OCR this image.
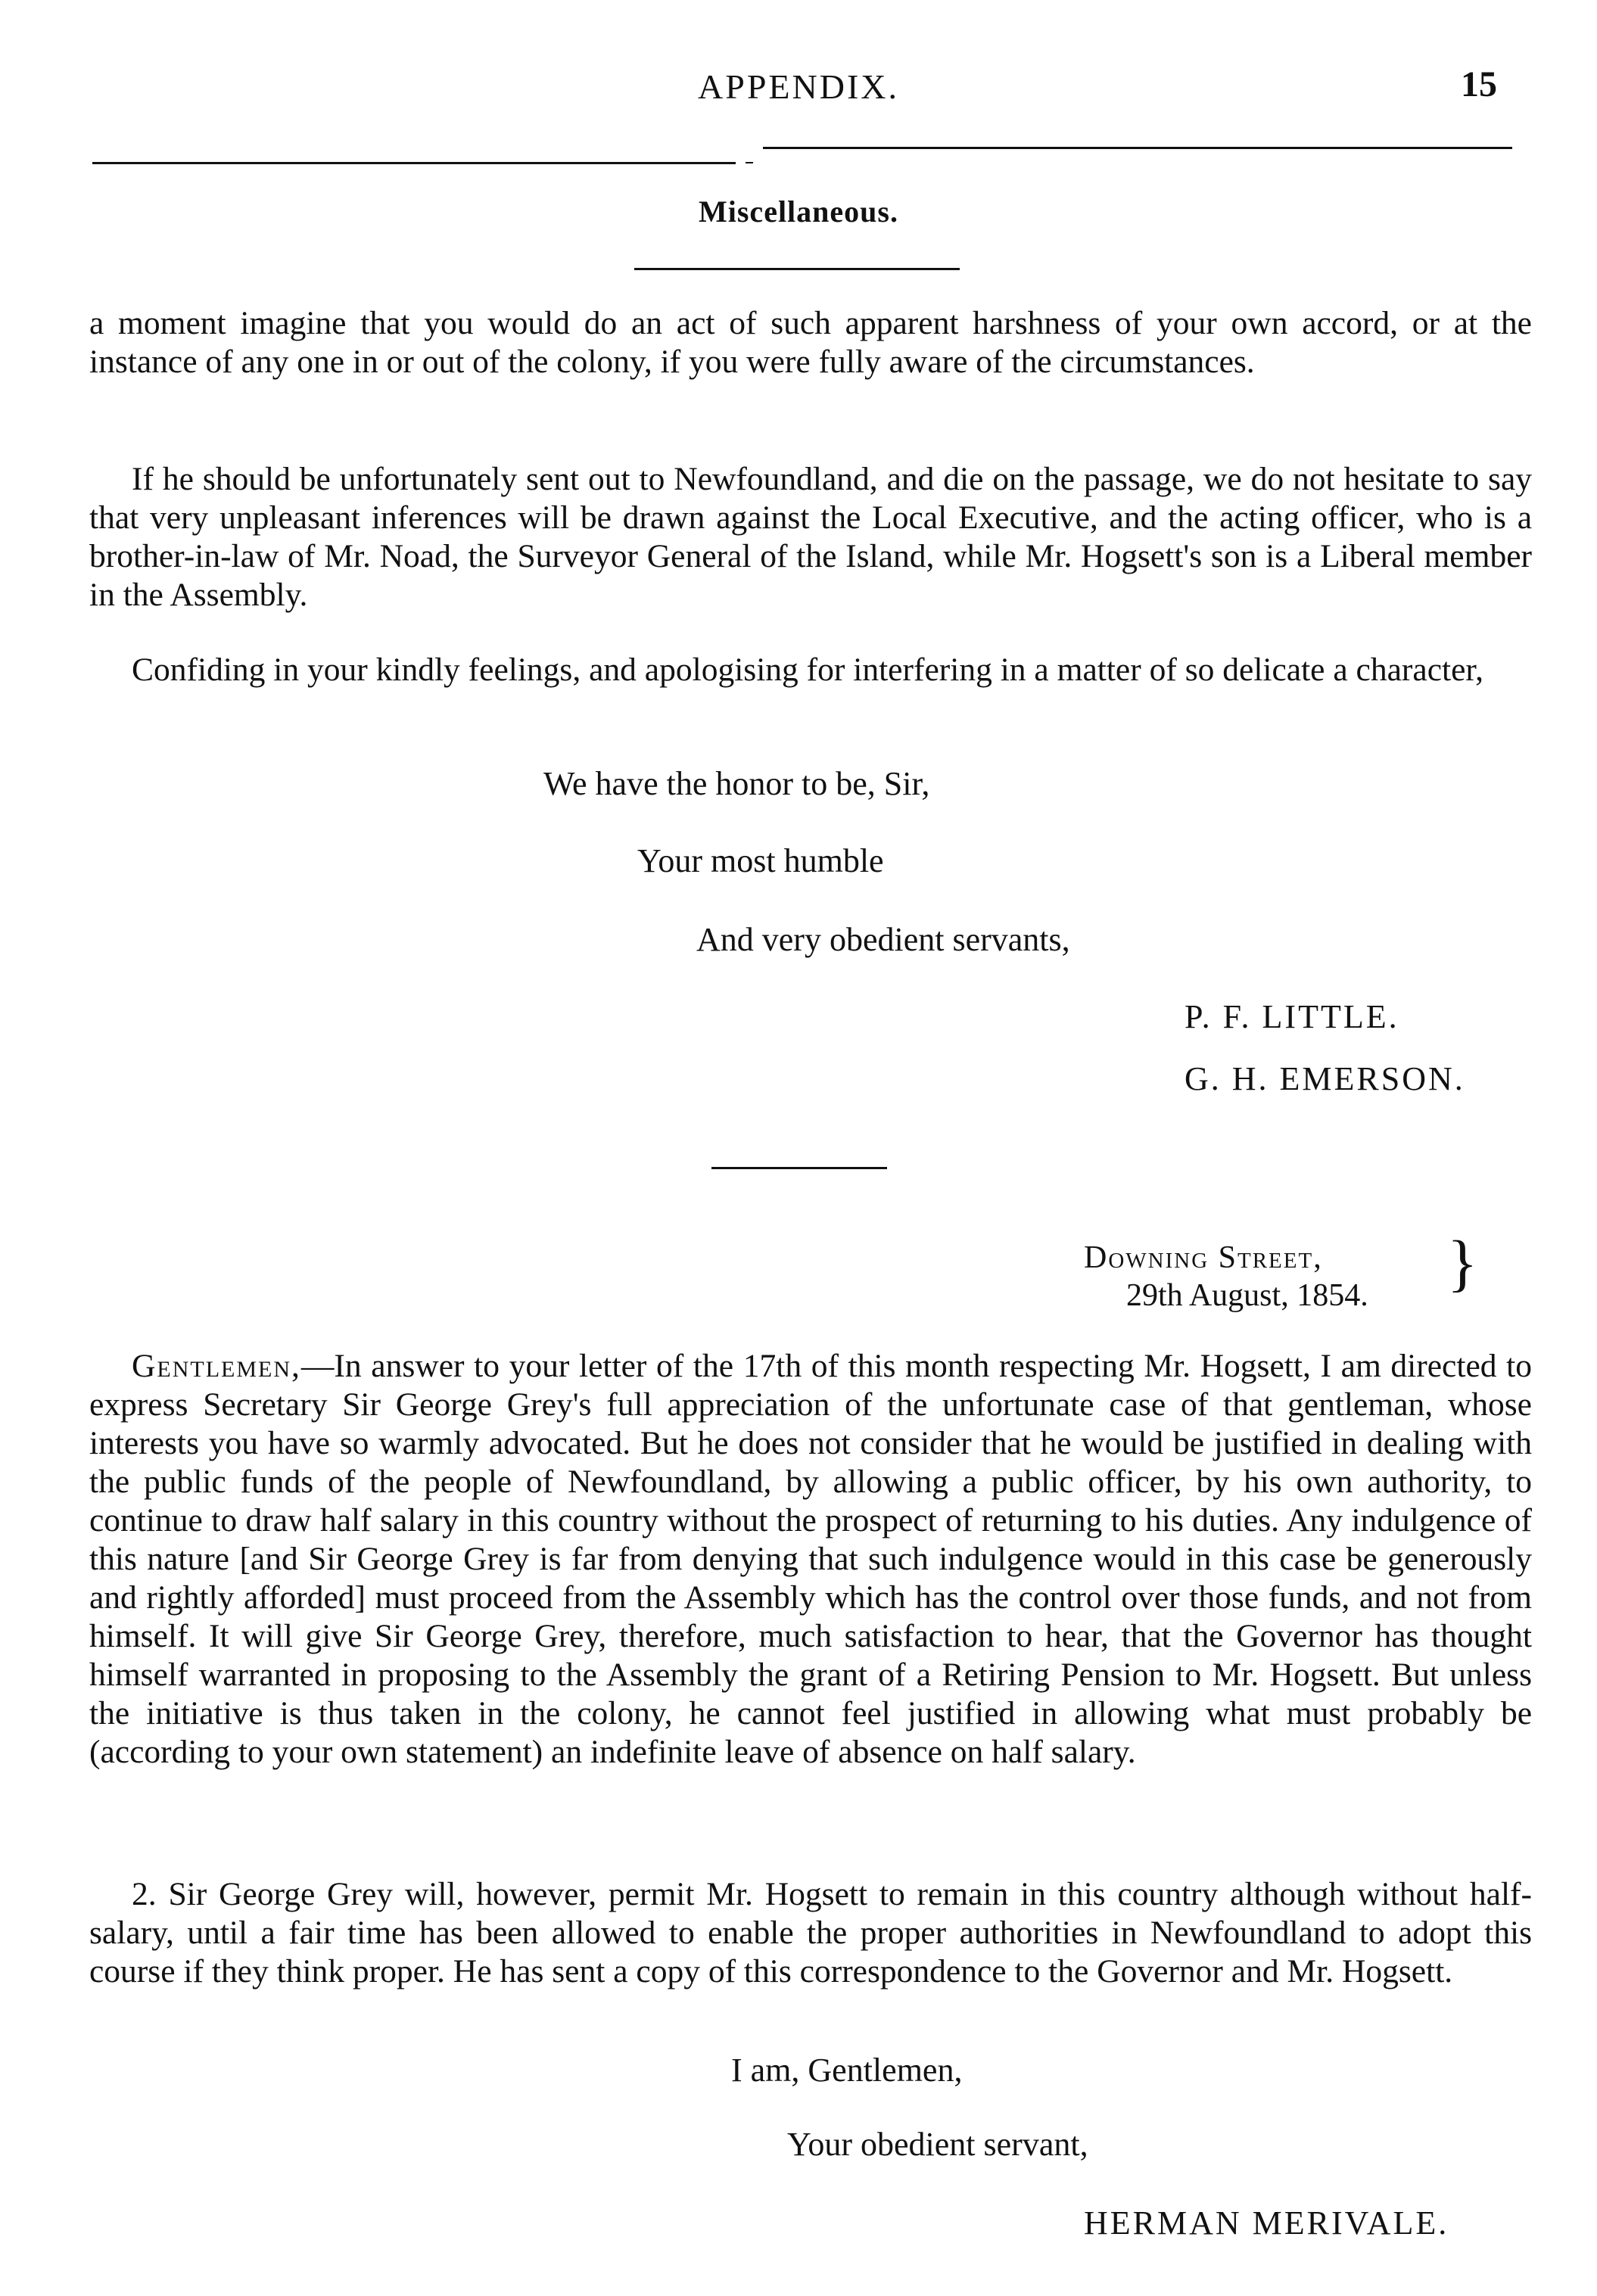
APPENDIX.	15
Miscellaneous.

a moment imagine that you would do an act of such apparent harshness of your own accord, or at the instance of any one in or out of the colony, if you were fully aware of the circumstances.

If he should be unfortunately sent out to Newfoundland, and die on the passage, we do not hesitate to say that very unpleasant inferences will be drawn against the Local Executive, and the acting officer, who is a brother-in-law of Mr. Noad, the Surveyor General of the Island, while Mr. Hogsett's son is a Liberal member in the Assembly.

Confiding in your kindly feelings, and apologising for interfering in a matter of so delicate a character,

We have the honor to be, Sir,
Your most humble
And very obedient servants,
P. F. LITTLE.
G. H. EMERSON.
Downing Street,
29th August, 1854. }

Gentlemen,—In answer to your letter of the 17th of this month respecting Mr. Hogsett, I am directed to express Secretary Sir George Grey's full appreciation of the unfortunate case of that gentleman, whose interests you have so warmly advocated. But he does not consider that he would be justified in dealing with the public funds of the people of Newfoundland, by allowing a public officer, by his own authority, to continue to draw half salary in this country without the prospect of returning to his duties. Any indulgence of this nature [and Sir George Grey is far from denying that such indulgence would in this case be generously and rightly afforded] must proceed from the Assembly which has the control over those funds, and not from himself. It will give Sir George Grey, therefore, much satisfaction to hear, that the Governor has thought himself warranted in proposing to the Assembly the grant of a Retiring Pension to Mr. Hogsett. But unless the initiative is thus taken in the colony, he cannot feel justified in allowing what must probably be (according to your own statement) an indefinite leave of absence on half salary.

2. Sir George Grey will, however, permit Mr. Hogsett to remain in this country although without half-salary, until a fair time has been allowed to enable the proper authorities in Newfoundland to adopt this course if they think proper. He has sent a copy of this correspondence to the Governor and Mr. Hogsett.

I am, Gentlemen,
Your obedient servant,
HERMAN MERIVALE.
